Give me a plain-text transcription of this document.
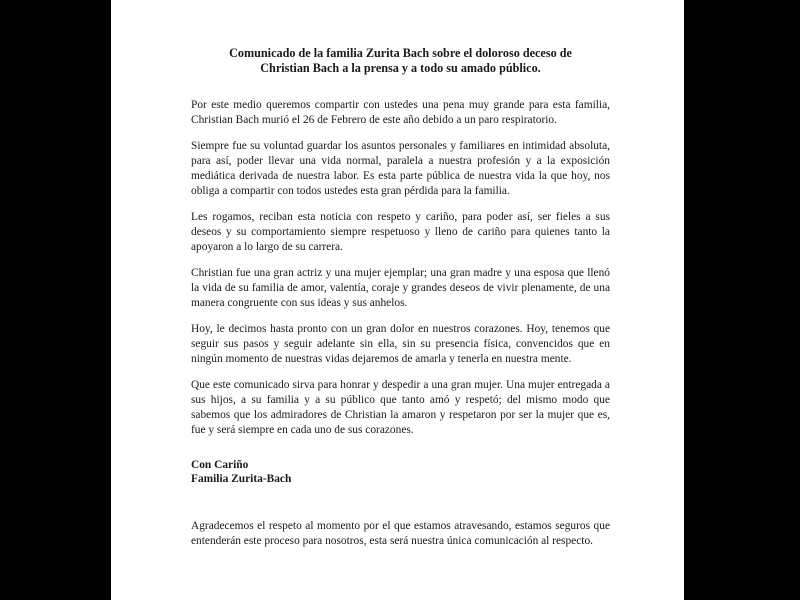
Comunicado de la familia Zurita Bach sobre el doloroso deceso de
Christian Bach a la prensa y a todo su amado público.

Por este medio queremos compartir con ustedes una pena muy grande para esta familia, Christian Bach murió el 26 de Febrero de este año debido a un paro respiratorio.

Siempre fue su voluntad guardar los asuntos personales y familiares en intimidad absoluta, para así, poder llevar una vida normal, paralela a nuestra profesión y a la exposición mediática derivada de nuestra labor. Es esta parte pública de nuestra vida la que hoy, nos obliga a compartir con todos ustedes esta gran pérdida para la familia.

Les rogamos, reciban esta noticia con respeto y cariño, para poder así, ser fieles a sus deseos y su comportamiento siempre respetuoso y lleno de cariño para quienes tanto la apoyaron a lo largo de su carrera.

Christian fue una gran actriz y una mujer ejemplar; una gran madre y una esposa que llenó la vida de su familia de amor, valentía, coraje y grandes deseos de vivir plenamente, de una manera congruente con sus ideas y sus anhelos.

Hoy, le decimos hasta pronto con un gran dolor en nuestros corazones. Hoy, tenemos que seguir sus pasos y seguir adelante sin ella, sin su presencia física, convencidos que en ningún momento de nuestras vidas dejaremos de amarla y tenerla en nuestra mente.

Que este comunicado sirva para honrar y despedir a una gran mujer. Una mujer entregada a sus hijos, a su familia y a su público que tanto amó y respetó; del mismo modo que sabemos que los admiradores de Christian la amaron y respetaron por ser la mujer que es, fue y será siempre en cada uno de sus corazones.

Con Cariño
Familia Zurita-Bach

Agradecemos el respeto al momento por el que estamos atravesando, estamos seguros que entenderán este proceso para nosotros, esta será nuestra única comunicación al respecto.
